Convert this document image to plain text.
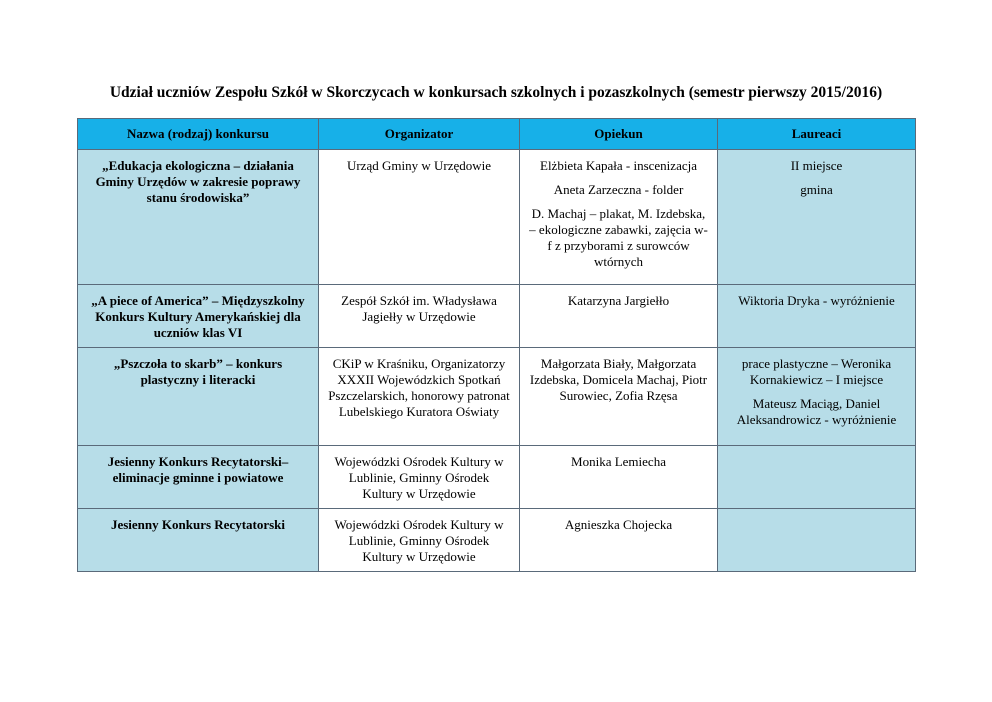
Udział uczniów Zespołu Szkół w Skorczycach w konkursach szkolnych i pozaszkolnych (semestr pierwszy 2015/2016)
Nazwa (rodzaj) konkursu	Organizator	Opiekun	Laureaci
„Edukacja ekologiczna – działania Gminy Urzędów w zakresie poprawy stanu środowiska”	Urząd Gminy w Urzędowie	Elżbieta Kapała - inscenizacja
Aneta Zarzeczna - folder
D. Machaj – plakat, M. Izdebska, – ekologiczne zabawki, zajęcia w-f z przyborami z surowców wtórnych	II miejsce
gmina

„A piece of America” – Międzyszkolny Konkurs Kultury Amerykańskiej dla uczniów klas VI	Zespół Szkół im. Władysława Jagiełły w Urzędowie	Katarzyna Jargiełło	Wiktoria Dryka - wyróżnienie

„Pszczoła to skarb” – konkurs plastyczny i literacki	CKiP w Kraśniku, Organizatorzy XXXII Wojewódzkich Spotkań Pszczelarskich, honorowy patronat Lubelskiego Kuratora Oświaty	Małgorzata Biały, Małgorzata Izdebska, Domicela Machaj, Piotr Surowiec, Zofia Rzęsa	prace plastyczne – Weronika Kornakiewicz – I miejsce
Mateusz Maciąg, Daniel Aleksandrowicz - wyróżnienie

Jesienny Konkurs Recytatorski– eliminacje gminne i powiatowe	Wojewódzki Ośrodek Kultury w Lublinie, Gminny Ośrodek Kultury w Urzędowie	Monika Lemiecha	

Jesienny Konkurs Recytatorski	Wojewódzki Ośrodek Kultury w Lublinie, Gminny Ośrodek Kultury w Urzędowie	Agnieszka Chojecka	
